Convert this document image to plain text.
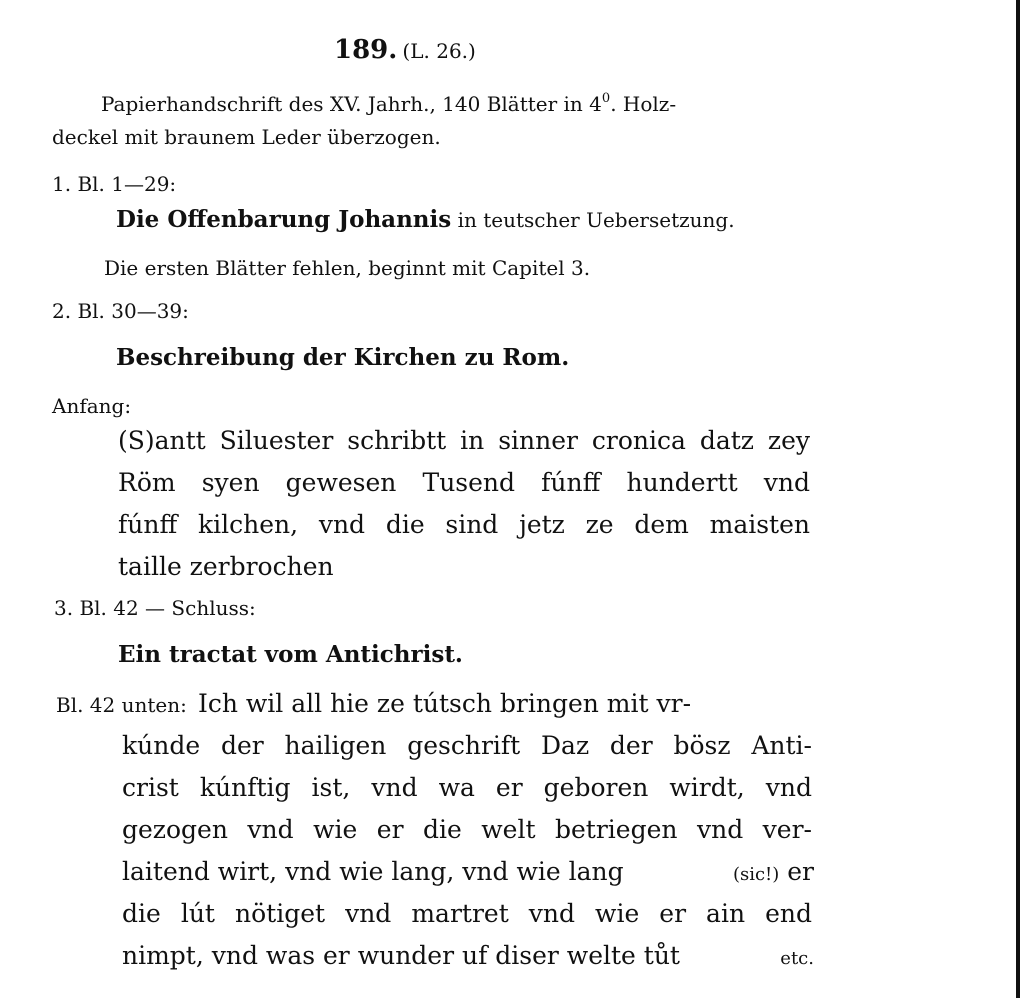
189. (L. 26.)
Papierhandschrift des XV. Jahrh., 140 Blätter in $4^0$. Holz-
deckel mit braunem Leder überzogen.
1. Bl. 1—29:
Die Offenbarung Johannis in teutscher Uebersetzung.
Die ersten Blätter fehlen, beginnt mit Capitel 3.
2. Bl. 30—39:
Beschreibung der Kirchen zu Rom.
Anfang:
(S)antt Siluester schribtt in sinner cronica datz zey
Röm syen gewesen Tusend fúnff hundertt vnd
fúnff kilchen, vnd die sind jetz ze dem maisten
taille zerbrochen
3. Bl. 42 — Schluss:
Ein tractat vom Antichrist.
Bl. 42 unten: Ich wil all hie ze tútsch bringen mit vr-
kúnde der hailigen geschrift Daz der bösz Anti-
crist kúnftig ist, vnd wa er geboren wirdt, vnd
gezogen vnd wie er die welt betriegen vnd ver-
laitend wirt, vnd wie lang, vnd wie lang	(sic!) er
die lút nötiget vnd martret vnd wie er ain end
nimpt, vnd was er wunder uf diser welte tůt	etc.
